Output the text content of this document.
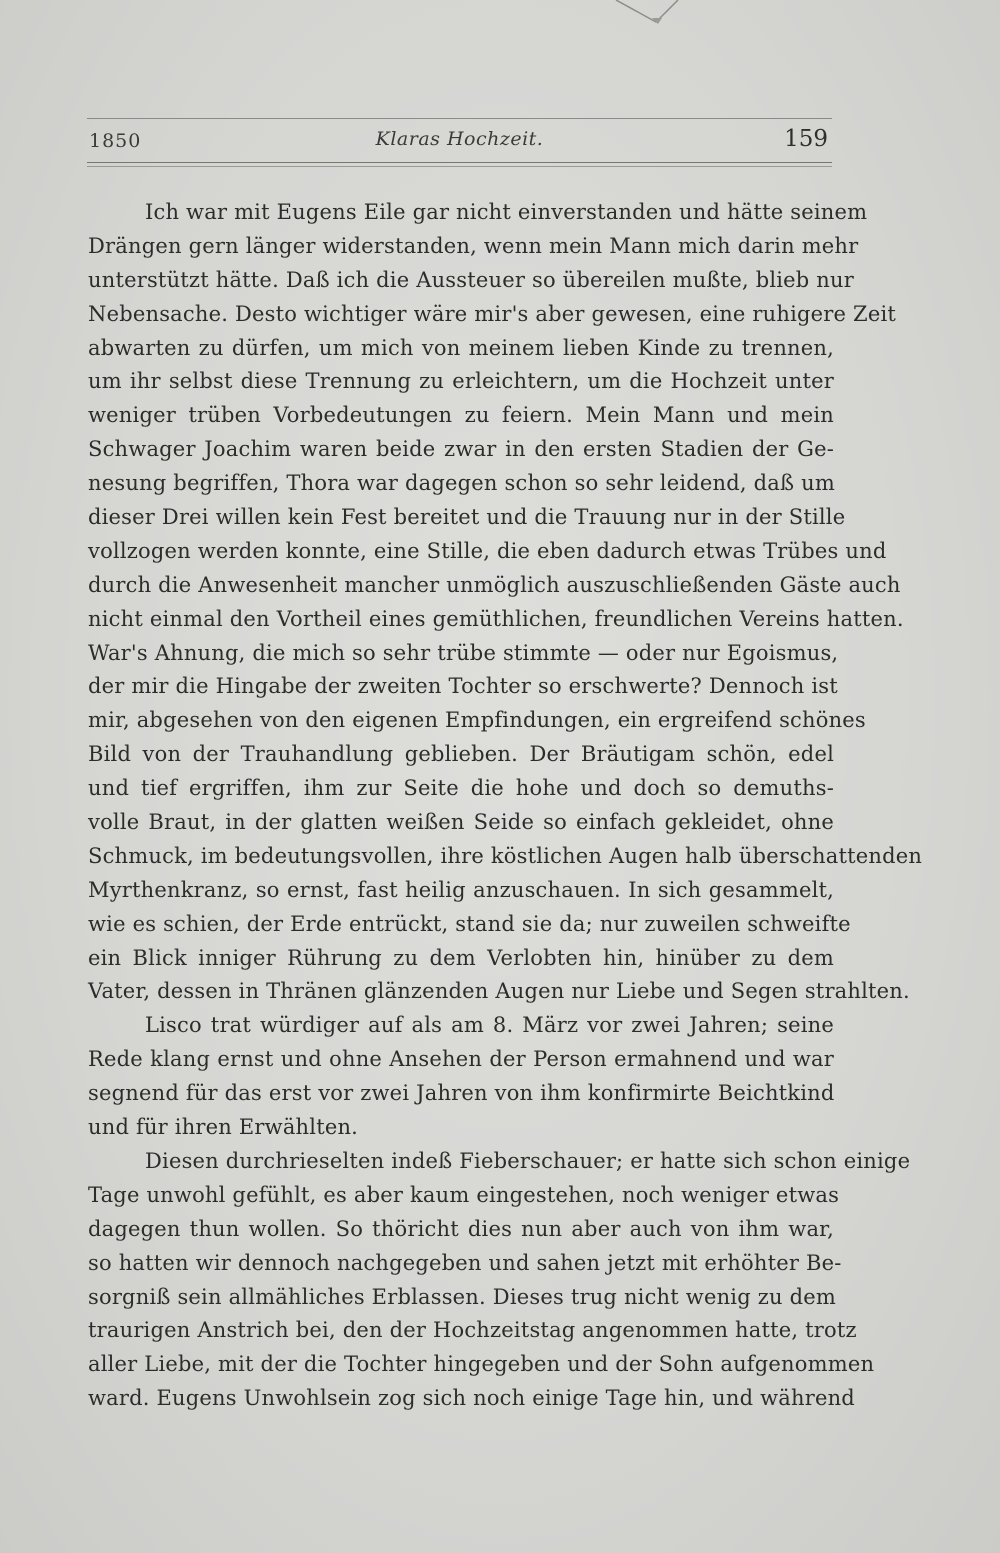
1850	Klaras Hochzeit.	159
Ich war mit Eugens Eile gar nicht einverstanden und hätte seinem
Drängen gern länger widerstanden, wenn mein Mann mich darin mehr
unterstützt hätte. Daß ich die Aussteuer so übereilen mußte, blieb nur
Nebensache. Desto wichtiger wäre mir's aber gewesen, eine ruhigere Zeit
abwarten zu dürfen, um mich von meinem lieben Kinde zu trennen,
um ihr selbst diese Trennung zu erleichtern, um die Hochzeit unter
weniger trüben Vorbedeutungen zu feiern. Mein Mann und mein
Schwager Joachim waren beide zwar in den ersten Stadien der Ge-
nesung begriffen, Thora war dagegen schon so sehr leidend, daß um
dieser Drei willen kein Fest bereitet und die Trauung nur in der Stille
vollzogen werden konnte, eine Stille, die eben dadurch etwas Trübes und
durch die Anwesenheit mancher unmöglich auszuschließenden Gäste auch
nicht einmal den Vortheil eines gemüthlichen, freundlichen Vereins hatten.
War's Ahnung, die mich so sehr trübe stimmte — oder nur Egoismus,
der mir die Hingabe der zweiten Tochter so erschwerte? Dennoch ist
mir, abgesehen von den eigenen Empfindungen, ein ergreifend schönes
Bild von der Trauhandlung geblieben. Der Bräutigam schön, edel
und tief ergriffen, ihm zur Seite die hohe und doch so demuths-
volle Braut, in der glatten weißen Seide so einfach gekleidet, ohne
Schmuck, im bedeutungsvollen, ihre köstlichen Augen halb überschattenden
Myrthenkranz, so ernst, fast heilig anzuschauen. In sich gesammelt,
wie es schien, der Erde entrückt, stand sie da; nur zuweilen schweifte
ein Blick inniger Rührung zu dem Verlobten hin, hinüber zu dem
Vater, dessen in Thränen glänzenden Augen nur Liebe und Segen strahlten.
Lisco trat würdiger auf als am 8. März vor zwei Jahren; seine
Rede klang ernst und ohne Ansehen der Person ermahnend und war
segnend für das erst vor zwei Jahren von ihm konfirmirte Beichtkind
und für ihren Erwählten.
Diesen durchrieselten indeß Fieberschauer; er hatte sich schon einige
Tage unwohl gefühlt, es aber kaum eingestehen, noch weniger etwas
dagegen thun wollen. So thöricht dies nun aber auch von ihm war,
so hatten wir dennoch nachgegeben und sahen jetzt mit erhöhter Be-
sorgniß sein allmähliches Erblassen. Dieses trug nicht wenig zu dem
traurigen Anstrich bei, den der Hochzeitstag angenommen hatte, trotz
aller Liebe, mit der die Tochter hingegeben und der Sohn aufgenommen
ward. Eugens Unwohlsein zog sich noch einige Tage hin, und während
